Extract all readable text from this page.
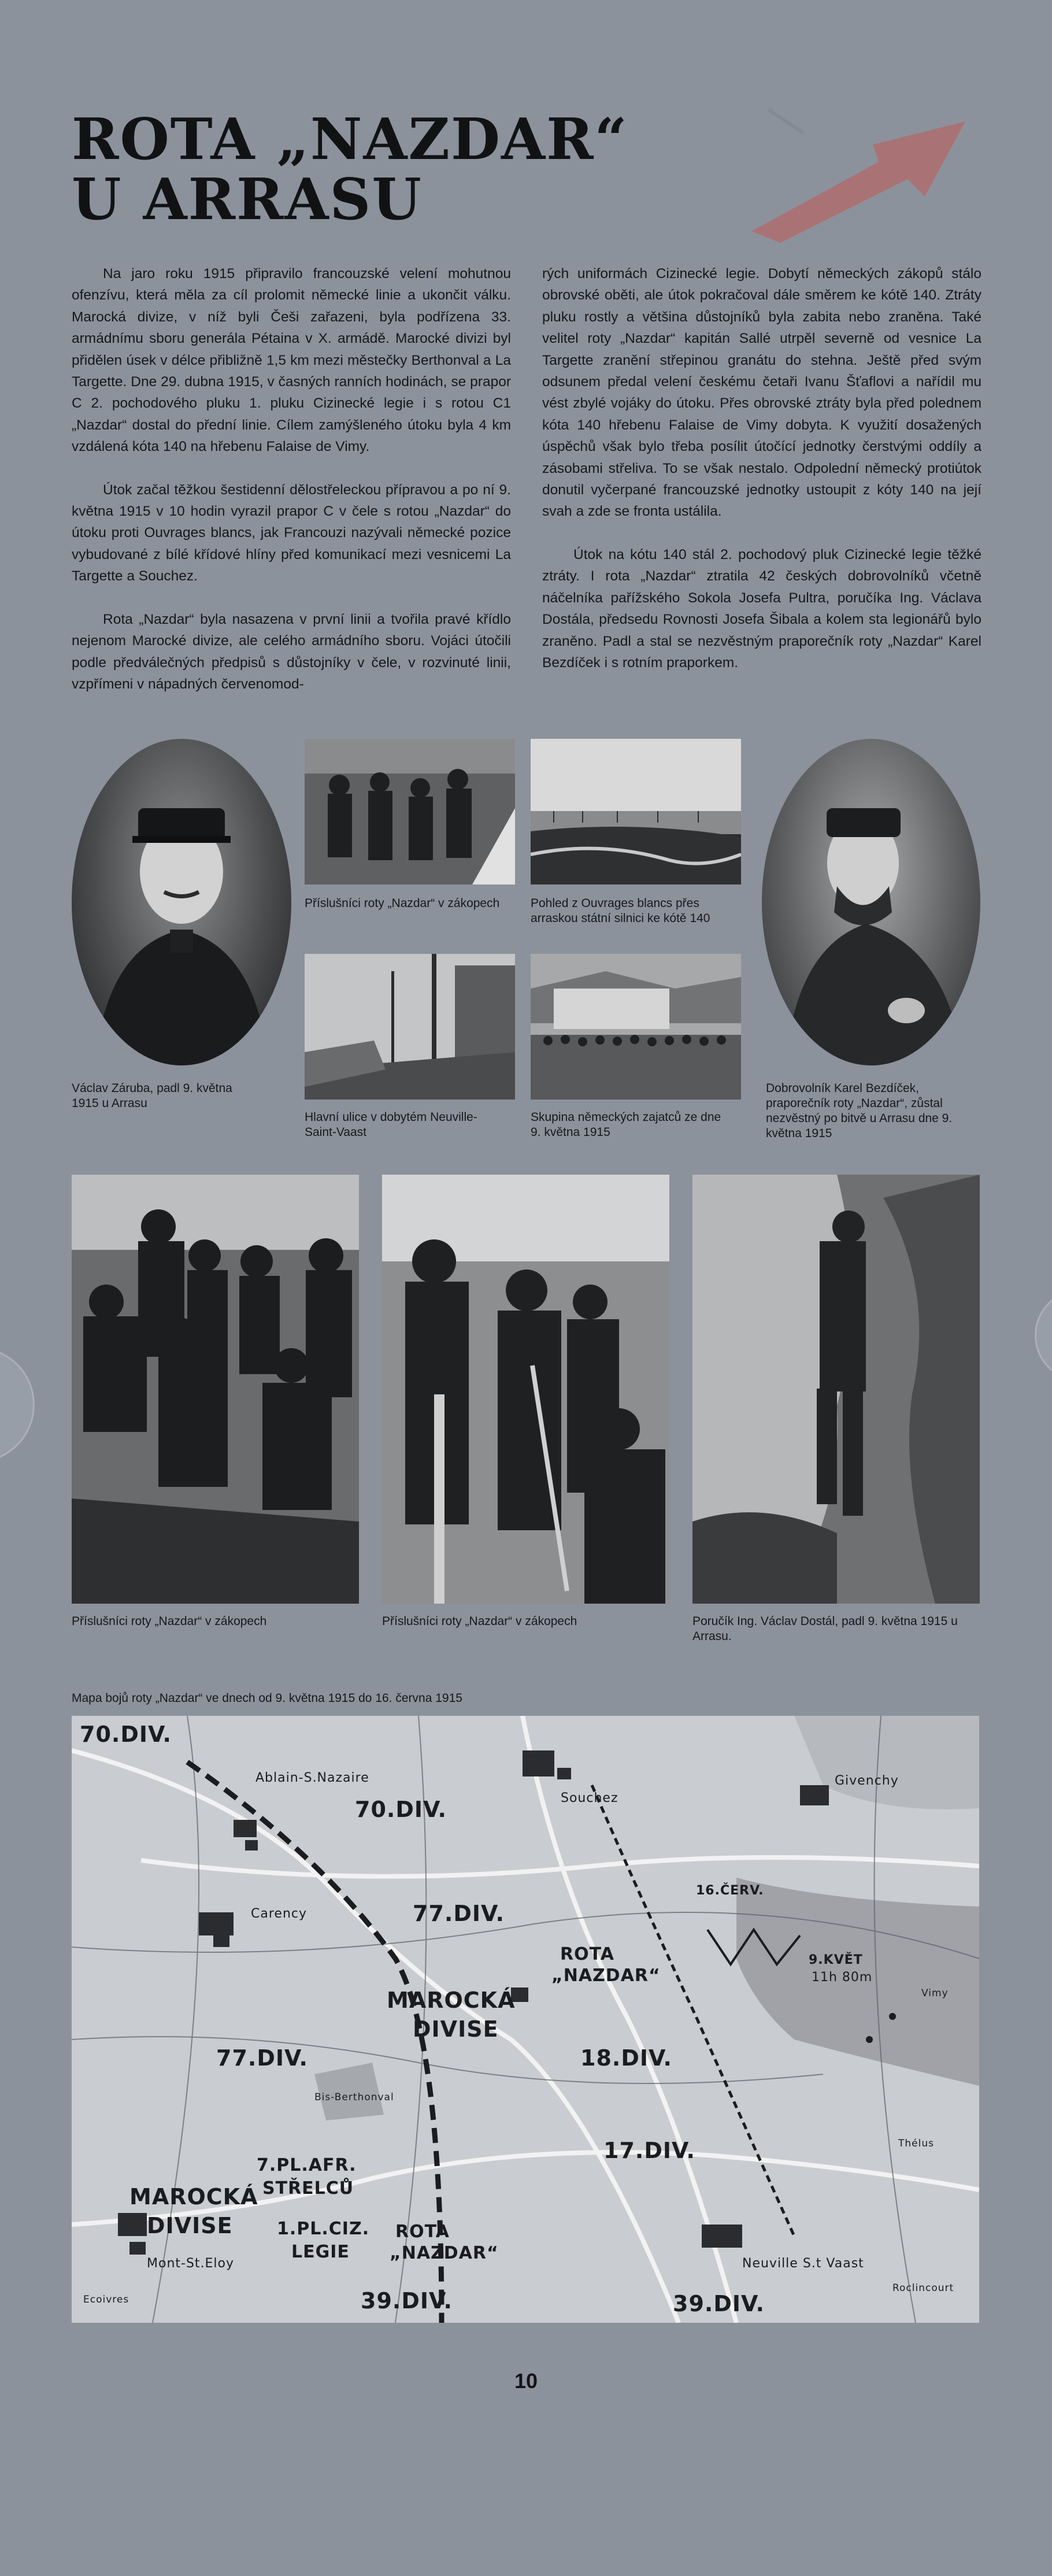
ROTA „NAZDAR“
U ARRASU

Na jaro roku 1915 připravilo francouzské velení mohutnou ofenzívu, která měla za cíl prolomit německé linie a ukončit válku. Marocká divize, v níž byli Češi zařazeni, byla podřízena 33. armádnímu sboru generála Pétaina v X. armádě. Marocké divizi byl přidělen úsek v délce přibližně 1,5 km mezi městečky Berthonval a La Targette. Dne 29. dubna 1915, v časných ranních hodinách, se prapor C 2. pochodového pluku 1. pluku Cizinecké legie i s rotou C1 „Nazdar“ dostal do přední linie. Cílem zamýšleného útoku byla 4 km vzdálená kóta 140 na hřebenu Falaise de Vimy.

Útok začal těžkou šestidenní dělostřeleckou přípravou a po ní 9. května 1915 v 10 hodin vyrazil prapor C v čele s rotou „Nazdar“ do útoku proti Ouvrages blancs, jak Francouzi nazývali německé pozice vybudované z bílé křídové hlíny před komunikací mezi vesnicemi La Targette a Souchez.

Rota „Nazdar“ byla nasazena v první linii a tvořila pravé křídlo nejenom Marocké divize, ale celého armádního sboru. Vojáci útočili podle předválečných předpisů s důstojníky v čele, v rozvinuté linii, vzpřímeni v nápadných červenomod-

rých uniformách Cizinecké legie. Dobytí německých zákopů stálo obrovské oběti, ale útok pokračoval dále směrem ke kótě 140. Ztráty pluku rostly a většina důstojníků byla zabita nebo zraněna. Také velitel roty „Nazdar“ kapitán Sallé utrpěl severně od vesnice La Targette zranění střepinou granátu do stehna. Ještě před svým odsunem předal velení českému četaři Ivanu Šťaflovi a nařídil mu vést zbylé vojáky do útoku. Přes obrovské ztráty byla před polednem kóta 140 hřebenu Falaise de Vimy dobyta. K využití dosažených úspěchů však bylo třeba posílit útočící jednotky čerstvými oddíly a zásobami střeliva. To se však nestalo. Odpolední německý protiútok donutil vyčerpané francouzské jednotky ustoupit z kóty 140 na její svah a zde se fronta ustálila.

Útok na kótu 140 stál 2. pochodový pluk Cizinecké legie těžké ztráty. I rota „Nazdar“ ztratila 42 českých dobrovolníků včetně náčelníka pařížského Sokola Josefa Pultra, poručíka Ing. Václava Dostála, předsedu Rovnosti Josefa Šibala a kolem sta legionářů bylo zraněno. Padl a stal se nezvěstným praporečník roty „Nazdar“ Karel Bezdíček i s rotním praporkem.

Příslušníci roty „Nazdar“ v zákopech	Pohled z Ouvrages blancs přes arraskou státní silnici ke kótě 140
Václav Záruba, padl 9. května 1915 u Arrasu
Hlavní ulice v dobytém Neuville-Saint-Vaast
Skupina německých zajatců ze dne 9. května 1915
Dobrovolník Karel Bezdíček, praporečník roty „Nazdar“, zůstal nezvěstný po bitvě u Arrasu dne 9. května 1915
Příslušníci roty „Nazdar“ v zákopech	Příslušníci roty „Nazdar“ v zákopech	Poručík Ing. Václav Dostál, padl 9. května 1915 u Arrasu.
Mapa bojů roty „Nazdar“ ve dnech od 9. května 1915 do 16. června 1915
70.DIV.
70.DIV.
77.DIV.
77.DIV.	18.DIV.
17.DIV.
39.DIV.	39.DIV.
MAROCKÁ
DIVISE
MAROCKÁ
DIVISE
ROTA
„NAZDAR“
ROTA
„NAZDAR“
7.PL.AFR.
STŘELCŮ
1.PL.CIZ.
LEGIE
9.KVĚT
11h 80m
16.ČERV.
Ablain-S.Nazaire
Souchez
Givenchy
Carency
Bis-Berthonval
Neuville S.t Vaast
Mont-St.Eloy
Roclincourt
Ecoivres
Thélus
Vimy
10
